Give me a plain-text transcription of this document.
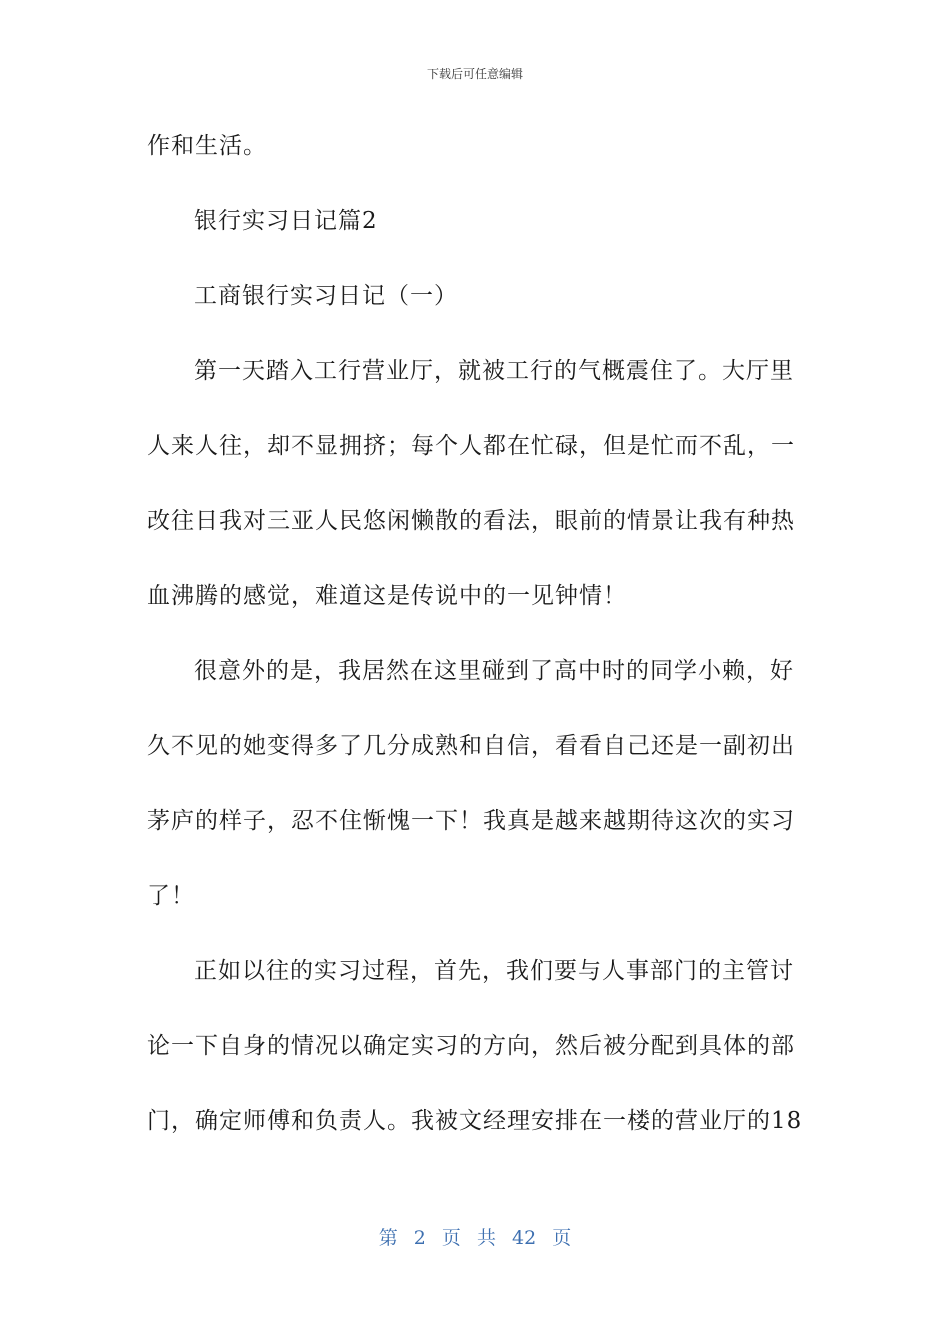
下载后可任意编辑
作和生活。
银行实习日记篇2
工商银行实习日记（一）
第一天踏入工行营业厅，就被工行的气概震住了。大厅里
人来人往，却不显拥挤；每个人都在忙碌，但是忙而不乱，一
改往日我对三亚人民悠闲懒散的看法，眼前的情景让我有种热
血沸腾的感觉，难道这是传说中的一见钟情！
很意外的是，我居然在这里碰到了高中时的同学小赖，好
久不见的她变得多了几分成熟和自信，看看自己还是一副初出
茅庐的样子，忍不住惭愧一下！我真是越来越期待这次的实习
了！
正如以往的实习过程，首先，我们要与人事部门的主管讨
论一下自身的情况以确定实习的方向，然后被分配到具体的部
门，确定师傅和负责人。我被文经理安排在一楼的营业厅的18
第 2 页 共 42 页
